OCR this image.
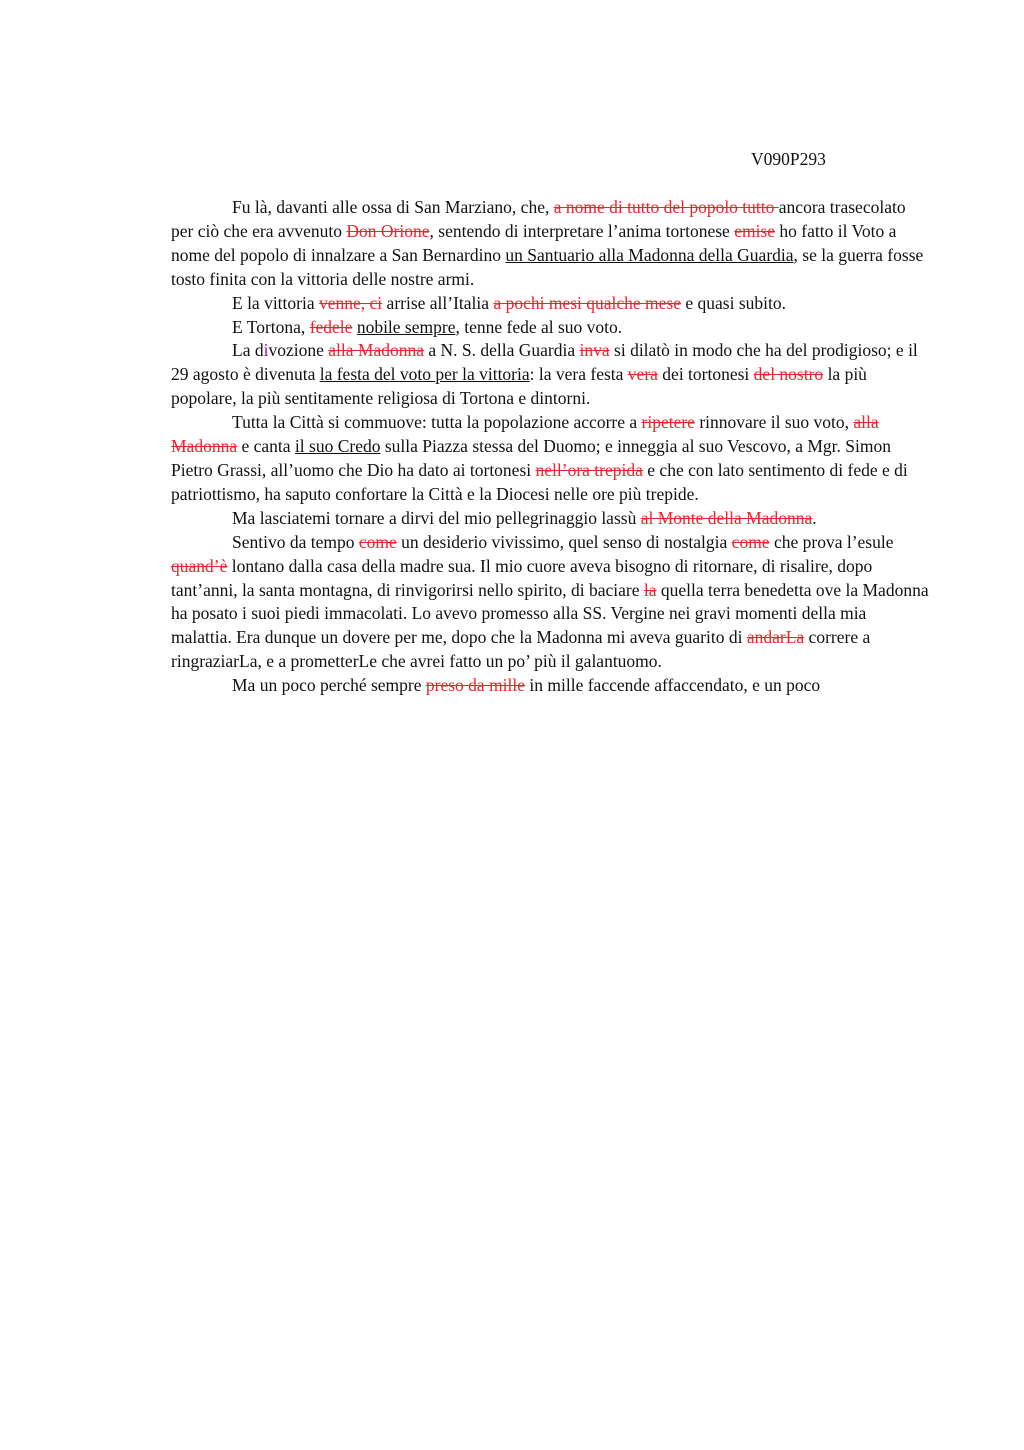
V090P293

Fu là, davanti alle ossa di San Marziano, che, a nome di tutto del popolo tutto ancora trasecolato per ciò che era avvenuto Don Orione, sentendo di interpretare l’anima tortonese emise ho fatto il Voto a nome del popolo di innalzare a San Bernardino un Santuario alla Madonna della Guardia, se la guerra fosse tosto finita con la vittoria delle nostre armi.

E la vittoria venne, ci arrise all’Italia a pochi mesi qualche mese e quasi subito.

E Tortona, fedele nobile sempre, tenne fede al suo voto.

La divozione alla Madonna a N. S. della Guardia inva si dilatò in modo che ha del prodigioso; e il 29 agosto è divenuta la festa del voto per la vittoria: la vera festa vera dei tortonesi del nostro la più popolare, la più sentitamente religiosa di Tortona e dintorni.

Tutta la Città si commuove: tutta la popolazione accorre a ripetere rinnovare il suo voto, alla Madonna e canta il suo Credo sulla Piazza stessa del Duomo; e inneggia al suo Vescovo, a Mgr. Simon Pietro Grassi, all’uomo che Dio ha dato ai tortonesi nell’ora trepida e che con lato sentimento di fede e di patriottismo, ha saputo confortare la Città e la Diocesi nelle ore più trepide.

Ma lasciatemi tornare a dirvi del mio pellegrinaggio lassù al Monte della Madonna.

Sentivo da tempo come un desiderio vivissimo, quel senso di nostalgia come che prova l’esule quand’è lontano dalla casa della madre sua. Il mio cuore aveva bisogno di ritornare, di risalire, dopo tant’anni, la santa montagna, di rinvigorirsi nello spirito, di baciare la quella terra benedetta ove la Madonna ha posato i suoi piedi immacolati. Lo avevo promesso alla SS. Vergine nei gravi momenti della mia malattia. Era dunque un dovere per me, dopo che la Madonna mi aveva guarito di andarLa correre a ringraziarLa, e a prometterLe che avrei fatto un po’ più il galantuomo.

Ma un poco perché sempre preso da mille in mille faccende affaccendato, e un poco
